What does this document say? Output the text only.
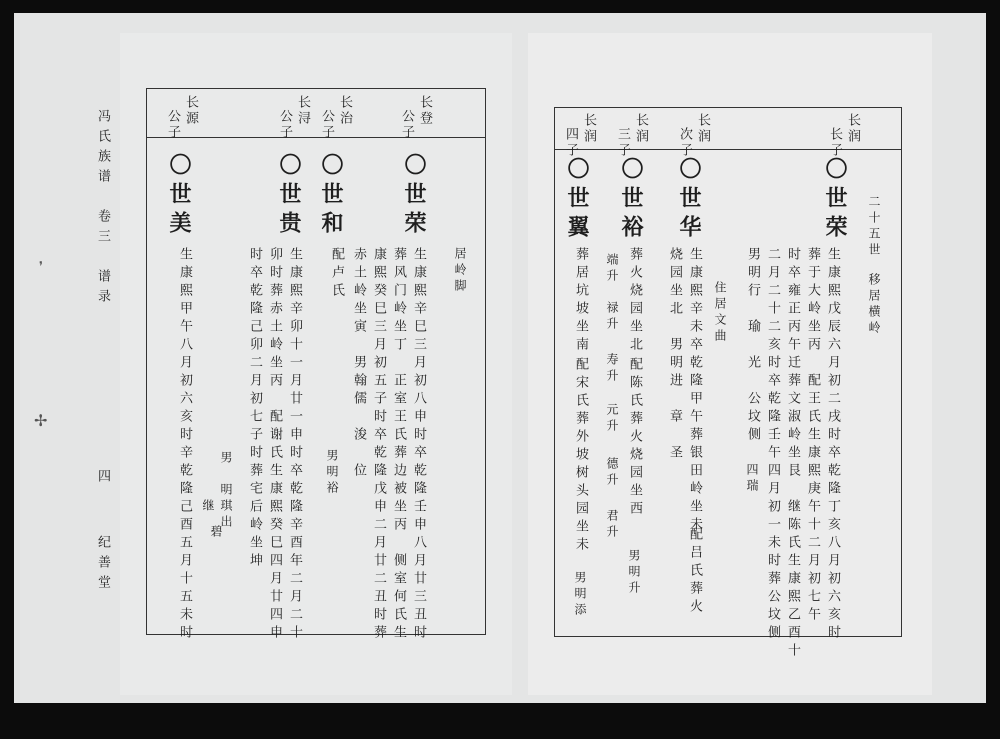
冯氏族谱　卷三　谱录
四
纪善堂
✢
❜
长登
公子
〇世荣
生康熙辛巳三月初八申时卒乾隆壬申八月廿三丑时
葬风门岭坐丁　正室王氏葬边被坐丙　侧室何氏生
康熙癸巳三月初五子时卒乾隆戊申二月廿二丑时葬
赤土岭坐寅　男翰儒　浚　位	居岭脚
长治
公子
〇世和
配卢氏
男明裕
长浔
公子
〇世贵
生康熙辛卯十一月廿一申时卒乾隆辛酉年二月二十
卯时葬赤土岭坐丙　配谢氏生康熙癸巳四月廿四申
时卒乾隆己卯二月初七子时葬宅后岭坐坤
长源
公子
〇世美
生康熙甲午八月初六亥时辛乾隆己酉五月十五未时 男
明琪出
继
碧
长润
长子
〇世荣
生康熙戊辰六月初二戌时卒乾隆丁亥八月初六亥时
葬于大岭坐丙　配王氏生康熙庚午十二月初七午
时卒雍正丙午迁葬文淑岭坐艮　继陈氏生康熙乙酉十
二月二十二亥时卒乾隆壬午四月初一未时葬公坟侧
男明行　瑜　光　公坟侧
四瑞
二十五世
移居横岭
长润
次子
〇世华
生康熙辛未卒乾隆甲午葬银田岭坐未
配吕氏葬火
烧园坐北　男明进　章　圣	住居文曲
长润
三子
〇世裕
葬火烧园坐北
配陈氏葬火烧园坐西
男明升
端升
禄升
寿升
元升
德升
君升
长润
四子
〇世翼
葬居坑坡坐南
配宋氏葬外坡树头园坐未
男明添
